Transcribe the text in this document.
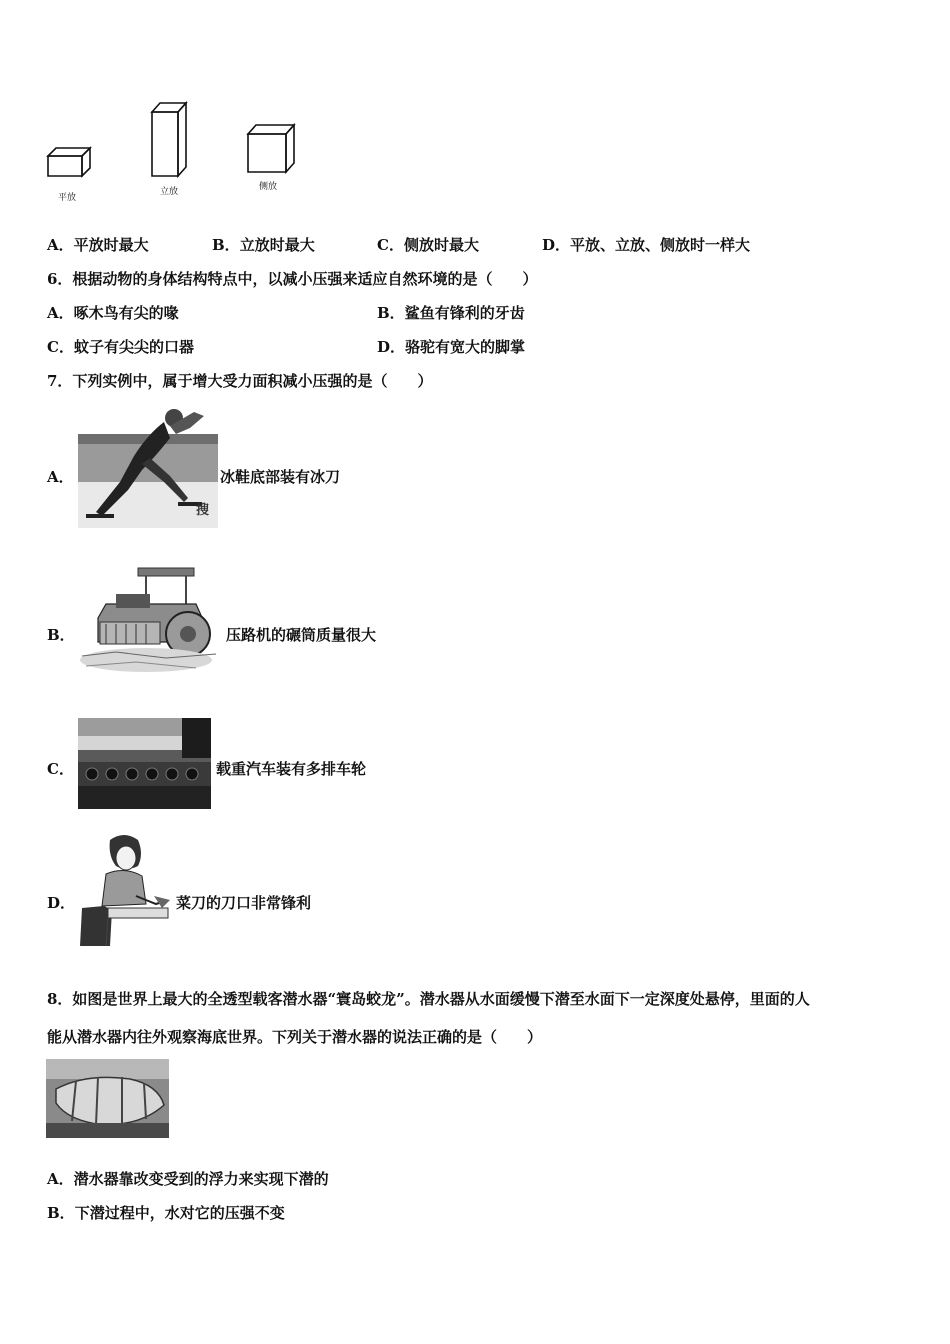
平放
立放	侧放
A．平放时最大	B．立放时最大	C．侧放时最大	D．平放、立放、侧放时一样大
6．根据动物的身体结构特点中，以减小压强来适应自然环境的是（　　）
A．啄木鸟有尖的喙	B．鲨鱼有锋利的牙齿
C．蚊子有尖尖的口器	D．骆驼有宽大的脚掌
7．下列实例中，属于增大受力面积减小压强的是（　　）
A．
搜
冰鞋底部装有冰刀
B．	压路机的碾筒质量很大
C．	载重汽车装有多排车轮
D．	菜刀的刀口非常锋利
8．如图是世界上最大的全透型载客潜水器“寰岛蛟龙”。潜水器从水面缓慢下潜至水面下一定深度处悬停，里面的人
能从潜水器内往外观察海底世界。下列关于潜水器的说法正确的是（　　）
A．潜水器靠改变受到的浮力来实现下潜的
B．下潜过程中，水对它的压强不变
